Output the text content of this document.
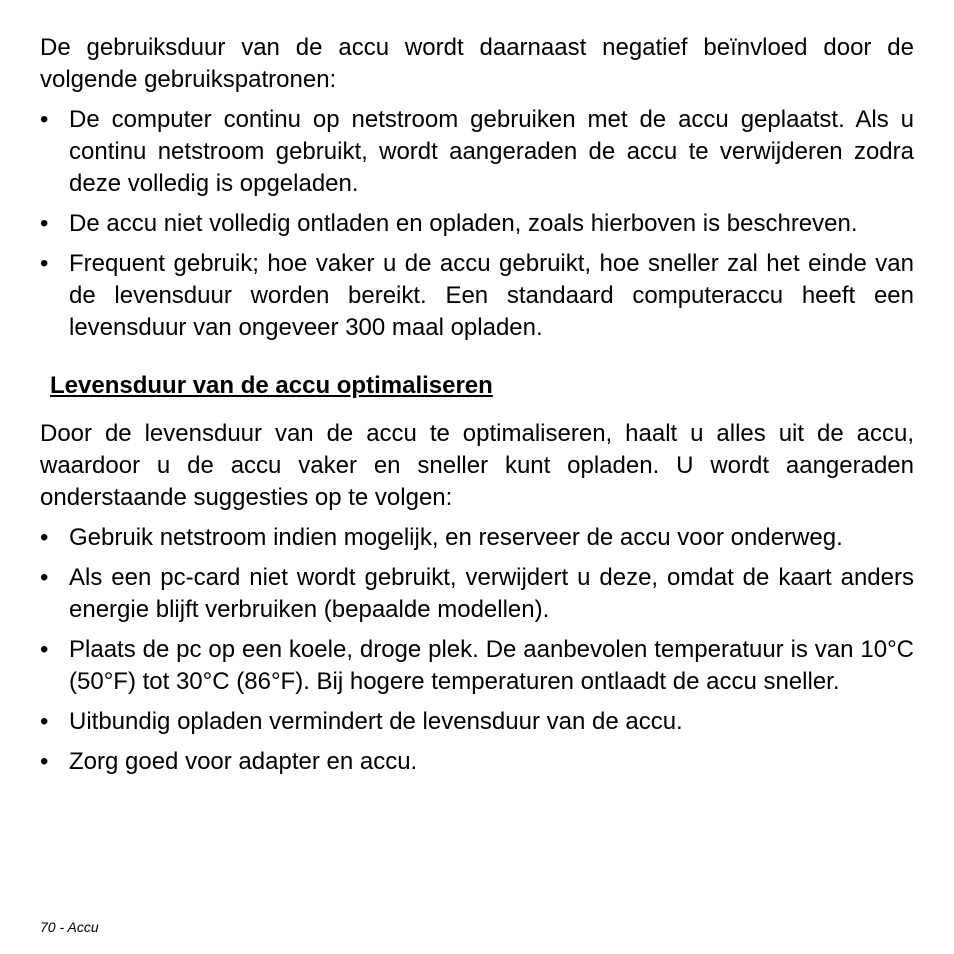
De gebruiksduur van de accu wordt daarnaast negatief beïnvloed door de volgende gebruikspatronen:

• De computer continu op netstroom gebruiken met de accu geplaatst. Als u continu netstroom gebruikt, wordt aangeraden de accu te verwijderen zodra deze volledig is opgeladen.
• De accu niet volledig ontladen en opladen, zoals hierboven is beschreven.
• Frequent gebruik; hoe vaker u de accu gebruikt, hoe sneller zal het einde van de levensduur worden bereikt. Een standaard computeraccu heeft een levensduur van ongeveer 300 maal opladen.
Levensduur van de accu optimaliseren

Door de levensduur van de accu te optimaliseren, haalt u alles uit de accu, waardoor u de accu vaker en sneller kunt opladen. U wordt aangeraden onderstaande suggesties op te volgen:

• Gebruik netstroom indien mogelijk, en reserveer de accu voor onderweg.
• Als een pc-card niet wordt gebruikt, verwijdert u deze, omdat de kaart anders energie blijft verbruiken (bepaalde modellen).
• Plaats de pc op een koele, droge plek. De aanbevolen temperatuur is van 10°C (50°F) tot 30°C (86°F). Bij hogere temperaturen ontlaadt de accu sneller.
• Uitbundig opladen vermindert de levensduur van de accu.
• Zorg goed voor adapter en accu.
70 - Accu
